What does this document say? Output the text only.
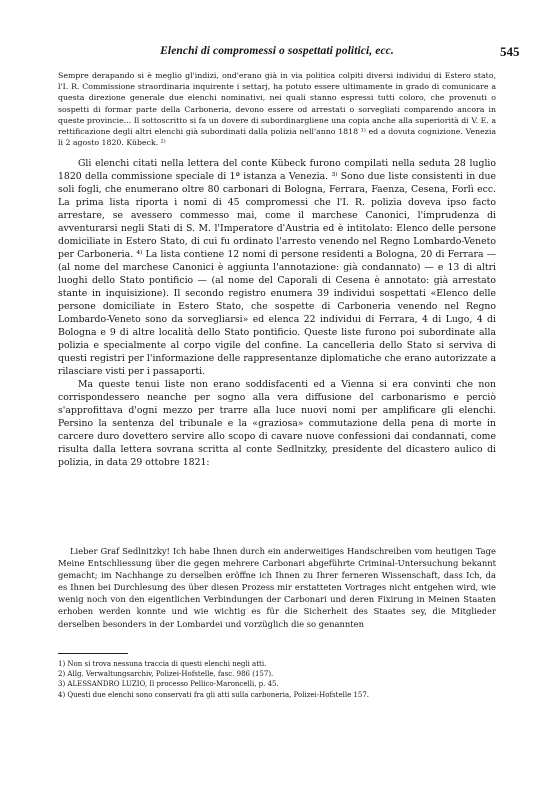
Elenchi di compromessi o sospettati politici, ecc.	545
Sempre derapando si è meglio gl'indizi, ond'erano già in via politica colpiti diversi individui di Estero stato, l'I. R. Commissione straordinaria inquirente i settarj, ha potuto essere ultimamente in grado di comunicare a questa direzione generale due elenchi nominativi, nei quali stanno espressi tutti coloro, che provenuti o sospetti di formar parte della Carboneria, devono essere od arrestati o sorvegliati comparendo ancora in queste provincie... Il sottoscritto si fa un dovere di subordinargliene una copia anche alla superiorità di V. E. a rettificazione degli altri elenchi già subordinati dalla polizia nell'anno 1818 ¹⁾ ed a dovuta cognizione. Venezia li 2 agosto 1820. Kübeck. ²⁾

Gli elenchi citati nella lettera del conte Kübeck furono compilati nella seduta 28 luglio 1820 della commissione speciale di 1ª istanza a Venezia. ³⁾ Sono due liste consistenti in due soli fogli, che enumerano oltre 80 carbonari di Bologna, Ferrara, Faenza, Cesena, Forlì ecc. La prima lista riporta i nomi di 45 compromessi che l'I. R. polizia doveva ipso facto arrestare, se avessero commesso mai, come il marchese Canonici, l'imprudenza di avventurarsi negli Stati di S. M. l'Imperatore d'Austria ed è intitolato: Elenco delle persone domiciliate in Estero Stato, di cui fu ordinato l'arresto venendo nel Regno Lombardo-Veneto per Carboneria. ⁴⁾ La lista contiene 12 nomi di persone residenti a Bologna, 20 di Ferrara — (al nome del marchese Canonici è aggiunta l'annotazione: già condannato) — e 13 di altri luoghi dello Stato pontificio — (al nome del Caporali di Cesena è annotato: già arrestato stante in inquisizione). Il secondo registro enumera 39 individui sospettati «Elenco delle persone domiciliate in Estero Stato, che sospette di Carboneria venendo nel Regno Lombardo-Veneto sono da sorvegliarsi» ed elenca 22 individui di Ferrara, 4 di Lugo, 4 di Bologna e 9 di altre località dello Stato pontificio. Queste liste furono poi subordinate alla polizia e specialmente al corpo vigile del confine. La cancelleria dello Stato si serviva di questi registri per l'informazione delle rappresentanze diplomatiche che erano autorizzate a rilasciare visti per i passaporti.

Ma queste tenui liste non erano soddisfacenti ed a Vienna si era convinti che non corrispondessero neanche per sogno alla vera diffusione del carbonarismo e perciò s'approfittava d'ogni mezzo per trarre alla luce nuovi nomi per amplificare gli elenchi. Persino la sentenza del tribunale e la «graziosa» commutazione della pena di morte in carcere duro dovettero servire allo scopo di cavare nuove confessioni dai condannati, come risulta dalla lettera sovrana scritta al conte Sedlnitzky, presidente del dicastero aulico di polizia, in data 29 ottobre 1821:

Lieber Graf Sedlnitzky! Ich habe Ihnen durch ein anderweitiges Handschreiben vom heutigen Tage Meine Entschliessung über die gegen mehrere Carbonari abgeführte Criminal-Untersuchung bekannt gemacht; im Nachhange zu derselben eröffne ich Ihnen zu Ihrer ferneren Wissenschaft, dass Ich, da es Ihnen bei Durchlesung des über diesen Prozess mir erstatteten Vortrages nicht entgehen wird, wie wenig noch von den eigentlichen Verbindungen der Carbonari und deren Fixirung in Meinen Staaten erhoben werden konnte und wie wichtig es für die Sicherheit des Staates sey, die Mitglieder derselben besonders in der Lombardei und vorzüglich die so genannten

1) Non si trova nessuna traccia di questi elenchi negli atti.

2) Allg. Verwaltungsarchiv, Polizei-Hofstelle, fasc. 986 (157).

3) ALESSANDRO LUZIO, Il processo Pellico-Maroncelli, p. 45.

4) Questi due elenchi sono conservati fra gli atti sulla carboneria, Polizei-Hofstelle 157.
